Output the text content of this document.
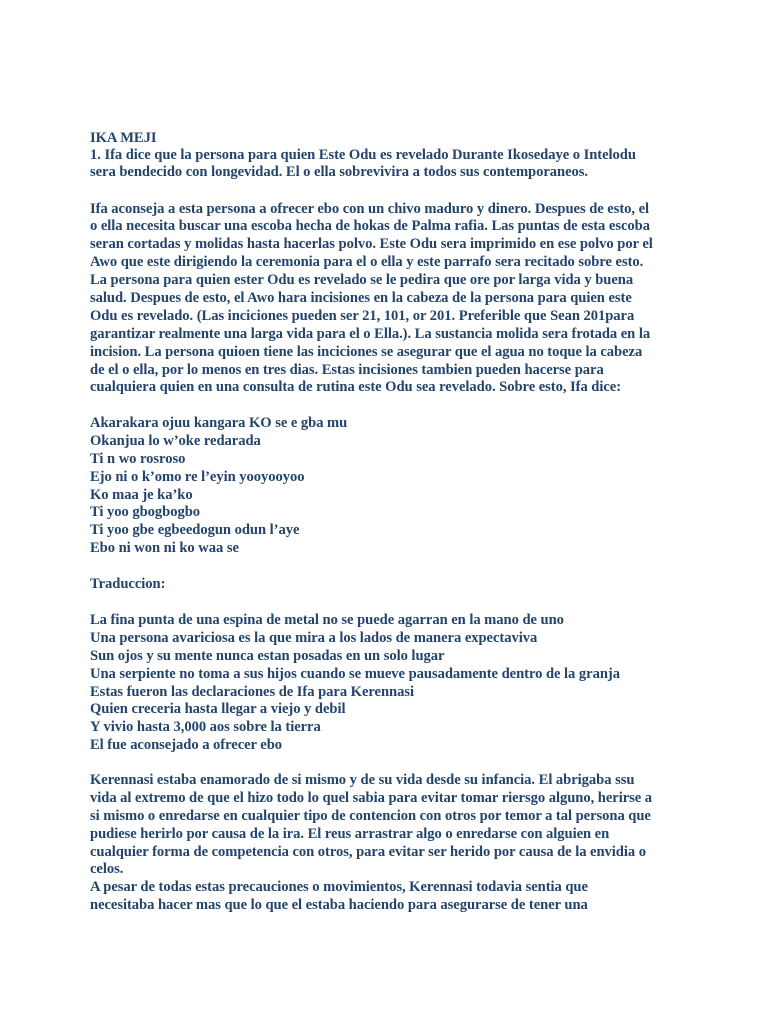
IKA MEJI

1. Ifa dice que la persona para quien Este Odu es revelado Durante Ikosedaye o Intelodu
sera bendecido con longevidad. El o ella sobrevivira a todos sus contemporaneos.
Ifa aconseja a esta persona a ofrecer ebo con un chivo maduro y dinero. Despues de esto, el
o ella necesita buscar una escoba hecha de hokas de Palma rafia. Las puntas de esta escoba
seran cortadas y molidas hasta hacerlas polvo. Este Odu sera imprimido en ese polvo por el
Awo que este dirigiendo la ceremonia para el o ella y este parrafo sera recitado sobre esto.
La persona para quien ester Odu es revelado se le pedira que ore por larga vida y buena
salud. Despues de esto, el Awo hara incisiones en la cabeza de la persona para quien este
Odu es revelado. (Las inciciones pueden ser 21, 101, or 201. Preferible que Sean 201para
garantizar realmente una larga vida para el o Ella.). La sustancia molida sera frotada en la
incision. La persona quioen tiene las inciciones se asegurar que el agua no toque la cabeza
de el o ella, por lo menos en tres dias. Estas incisiones tambien pueden hacerse para
cualquiera quien en una consulta de rutina este Odu sea revelado. Sobre esto, Ifa dice:
Akarakara ojuu kangara KO se e gba mu
Okanjua lo w’oke redarada
Ti n wo rosroso
Ejo ni o k’omo re l’eyin yooyooyoo
Ko maa je ka’ko
Ti yoo gbogbogbo
Ti yoo gbe egbeedogun odun l’aye
Ebo ni won ni ko waa se
Traduccion:
La fina punta de una espina de metal no se puede agarran en la mano de uno
Una persona avariciosa es la que mira a los lados de manera expectaviva
Sun ojos y su mente nunca estan posadas en un solo lugar
Una serpiente no toma a sus hijos cuando se mueve pausadamente dentro de la granja
Estas fueron las declaraciones de Ifa para Kerennasi
Quien creceria hasta llegar a viejo y debil
Y vivio hasta 3,000 aos sobre la tierra
El fue aconsejado a ofrecer ebo
Kerennasi estaba enamorado de si mismo y de su vida desde su infancia. El abrigaba ssu
vida al extremo de que el hizo todo lo quel sabia para evitar tomar riersgo alguno, herirse a
si mismo o enredarse en cualquier tipo de contencion con otros por temor a tal persona que
pudiese herirlo por causa de la ira. El reus arrastrar algo o enredarse con alguien en
cualquier forma de competencia con otros, para evitar ser herido por causa de la envidia o
celos.
A pesar de todas estas precauciones o movimientos, Kerennasi todavia sentia que
necesitaba hacer mas que lo que el estaba haciendo para asegurarse de tener una
